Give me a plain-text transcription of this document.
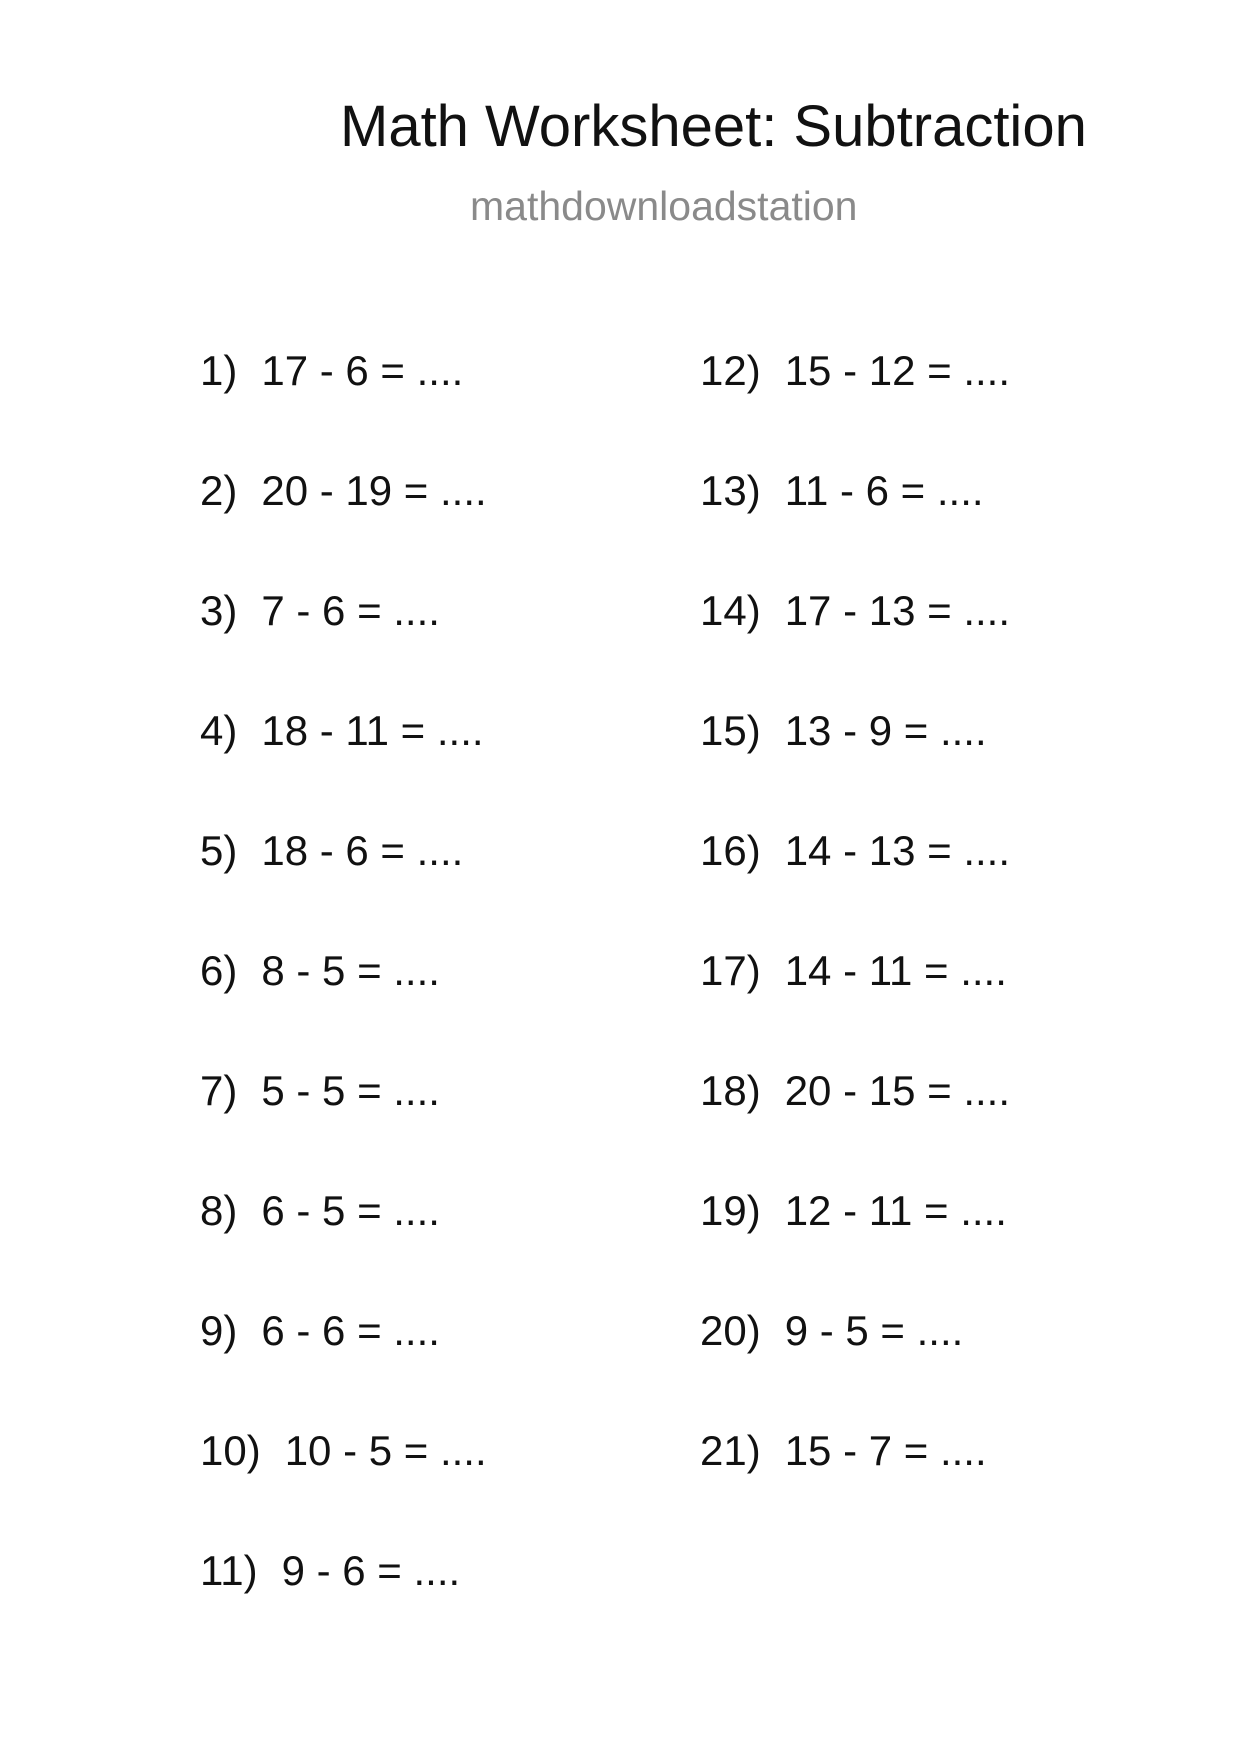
Math Worksheet: Subtraction
mathdownloadstation
1) 17 - 6 = ....
2) 20 - 19 = ....
3) 7 - 6 = ....
4) 18 - 11 = ....
5) 18 - 6 = ....
6) 8 - 5 = ....
7) 5 - 5 = ....
8) 6 - 5 = ....
9) 6 - 6 = ....
10) 10 - 5 = ....
11) 9 - 6 = ....
12) 15 - 12 = ....
13) 11 - 6 = ....
14) 17 - 13 = ....
15) 13 - 9 = ....
16) 14 - 13 = ....
17) 14 - 11 = ....
18) 20 - 15 = ....
19) 12 - 11 = ....
20) 9 - 5 = ....
21) 15 - 7 = ....
